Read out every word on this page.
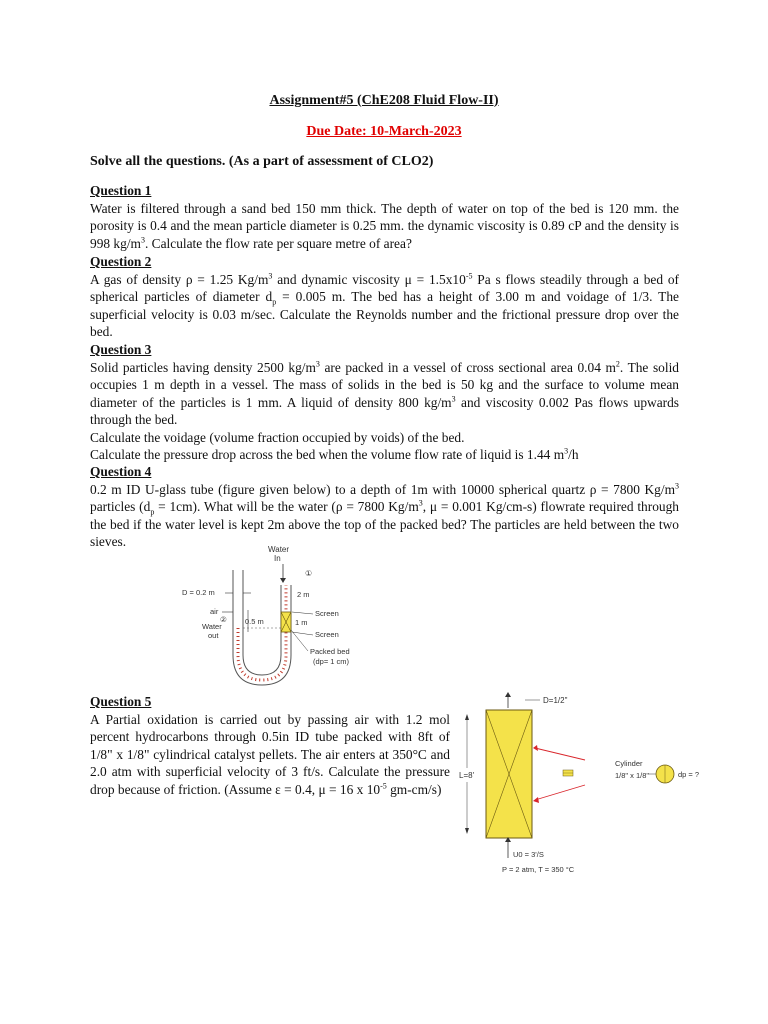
Assignment#5 (ChE208 Fluid Flow-II)
Due Date: 10-March-2023
Solve all the questions. (As a part of assessment of CLO2)
Question 1
Water is filtered through a sand bed 150 mm thick. The depth of water on top of the bed is 120 mm. the porosity is 0.4 and the mean particle diameter is 0.25 mm. the dynamic viscosity is 0.89 cP and the density is 998 $kg/m^3$. Calculate the flow rate per square metre of area?
Question 2
A gas of density ρ = 1.25 $Kg/m^3$ and dynamic viscosity $\mu = 1.5x10^{-5}$ Pa s flows steadily through a bed of spherical particles of diameter $d_p = 0.005$ m. The bed has a height of 3.00 m and voidage of 1/3. The superficial velocity is 0.03 m/sec. Calculate the Reynolds number and the frictional pressure drop over the bed.
Question 3
Solid particles having density 2500 $kg/m^3$ are packed in a vessel of cross sectional area 0.04 $m^2$. The solid occupies 1 m depth in a vessel. The mass of solids in the bed is 50 kg and the surface to volume mean diameter of the particles is 1 mm. A liquid of density 800 $kg/m^3$ and viscosity 0.002 Pas flows upwards through the bed.
Calculate the voidage (volume fraction occupied by voids) of the bed.
Calculate the pressure drop across the bed when the volume flow rate of liquid is 1.44 $m^3/h$
Question 4
0.2 m ID U-glass tube (figure given below) to a depth of 1m with 10000 spherical quartz ρ = 7800 $Kg/m^3$ particles $(d_p = 1cm)$. What will be the water (ρ = 7800 $Kg/m^3$, μ = 0.001 Kg/cm-s) flowrate required through the bed if the water level is kept 2m above the top of the packed bed? The particles are held between the two sieves.
Water
In
①
D = 0.2 m
air
②
Water
out
0.5 m
2 m
1 m
Screen
Screen
Packed bed
(dp= 1 cm)
Question 5
A Partial oxidation is carried out by passing air with 1.2 mol percent hydrocarbons through 0.5in ID tube packed with 8ft of 1/8" x 1/8" cylindrical catalyst pellets. The air enters at 350°C and 2.0 atm with superficial velocity of 3 ft/s. Calculate the pressure drop because of friction. (Assume ε = 0.4, μ = 16 x $10^{-5}$ gm-cm/s)
D=1/2"
L=8'
Cylinder
1/8" x 1/8"	dp = ?
U0 = 3'/S
P = 2 atm, T = 350 °C
